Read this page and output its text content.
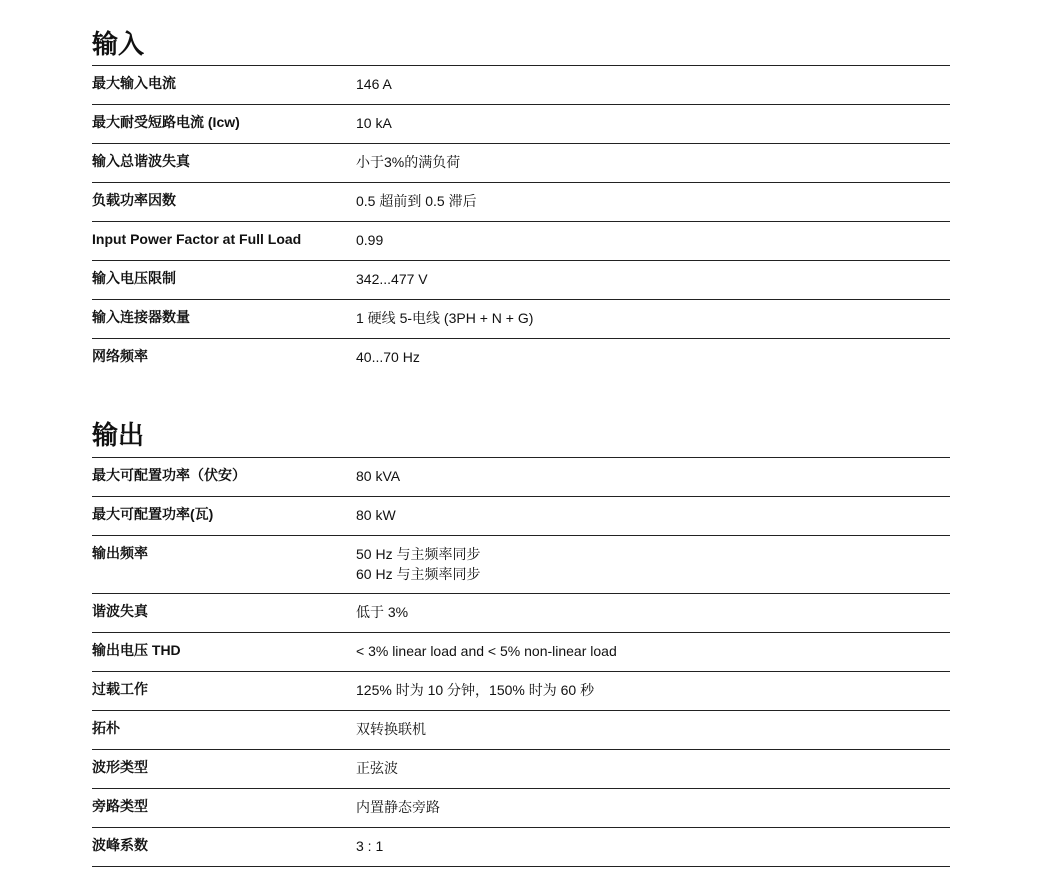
输入
最大输入电流	146 A
最大耐受短路电流 (Icw)	10 kA
输入总谐波失真	小于3%的满负荷
负载功率因数	0.5 超前到 0.5 滞后
Input Power Factor at Full Load	0.99
输入电压限制	342...477 V
输入连接器数量	1 硬线 5-电线 (3PH + N + G)
网络频率	40...70 Hz
输出
最大可配置功率（伏安）	80 kVA
最大可配置功率(瓦)	80 kW
输出频率	50 Hz 与主频率同步
60 Hz 与主频率同步
谐波失真	低于 3%
输出电压 THD	< 3% linear load and < 5% non-linear load
过载工作	125% 时为 10 分钟，150% 时为 60 秒
拓朴	双转换联机
波形类型	正弦波
旁路类型	内置静态旁路
波峰系数	3 : 1
